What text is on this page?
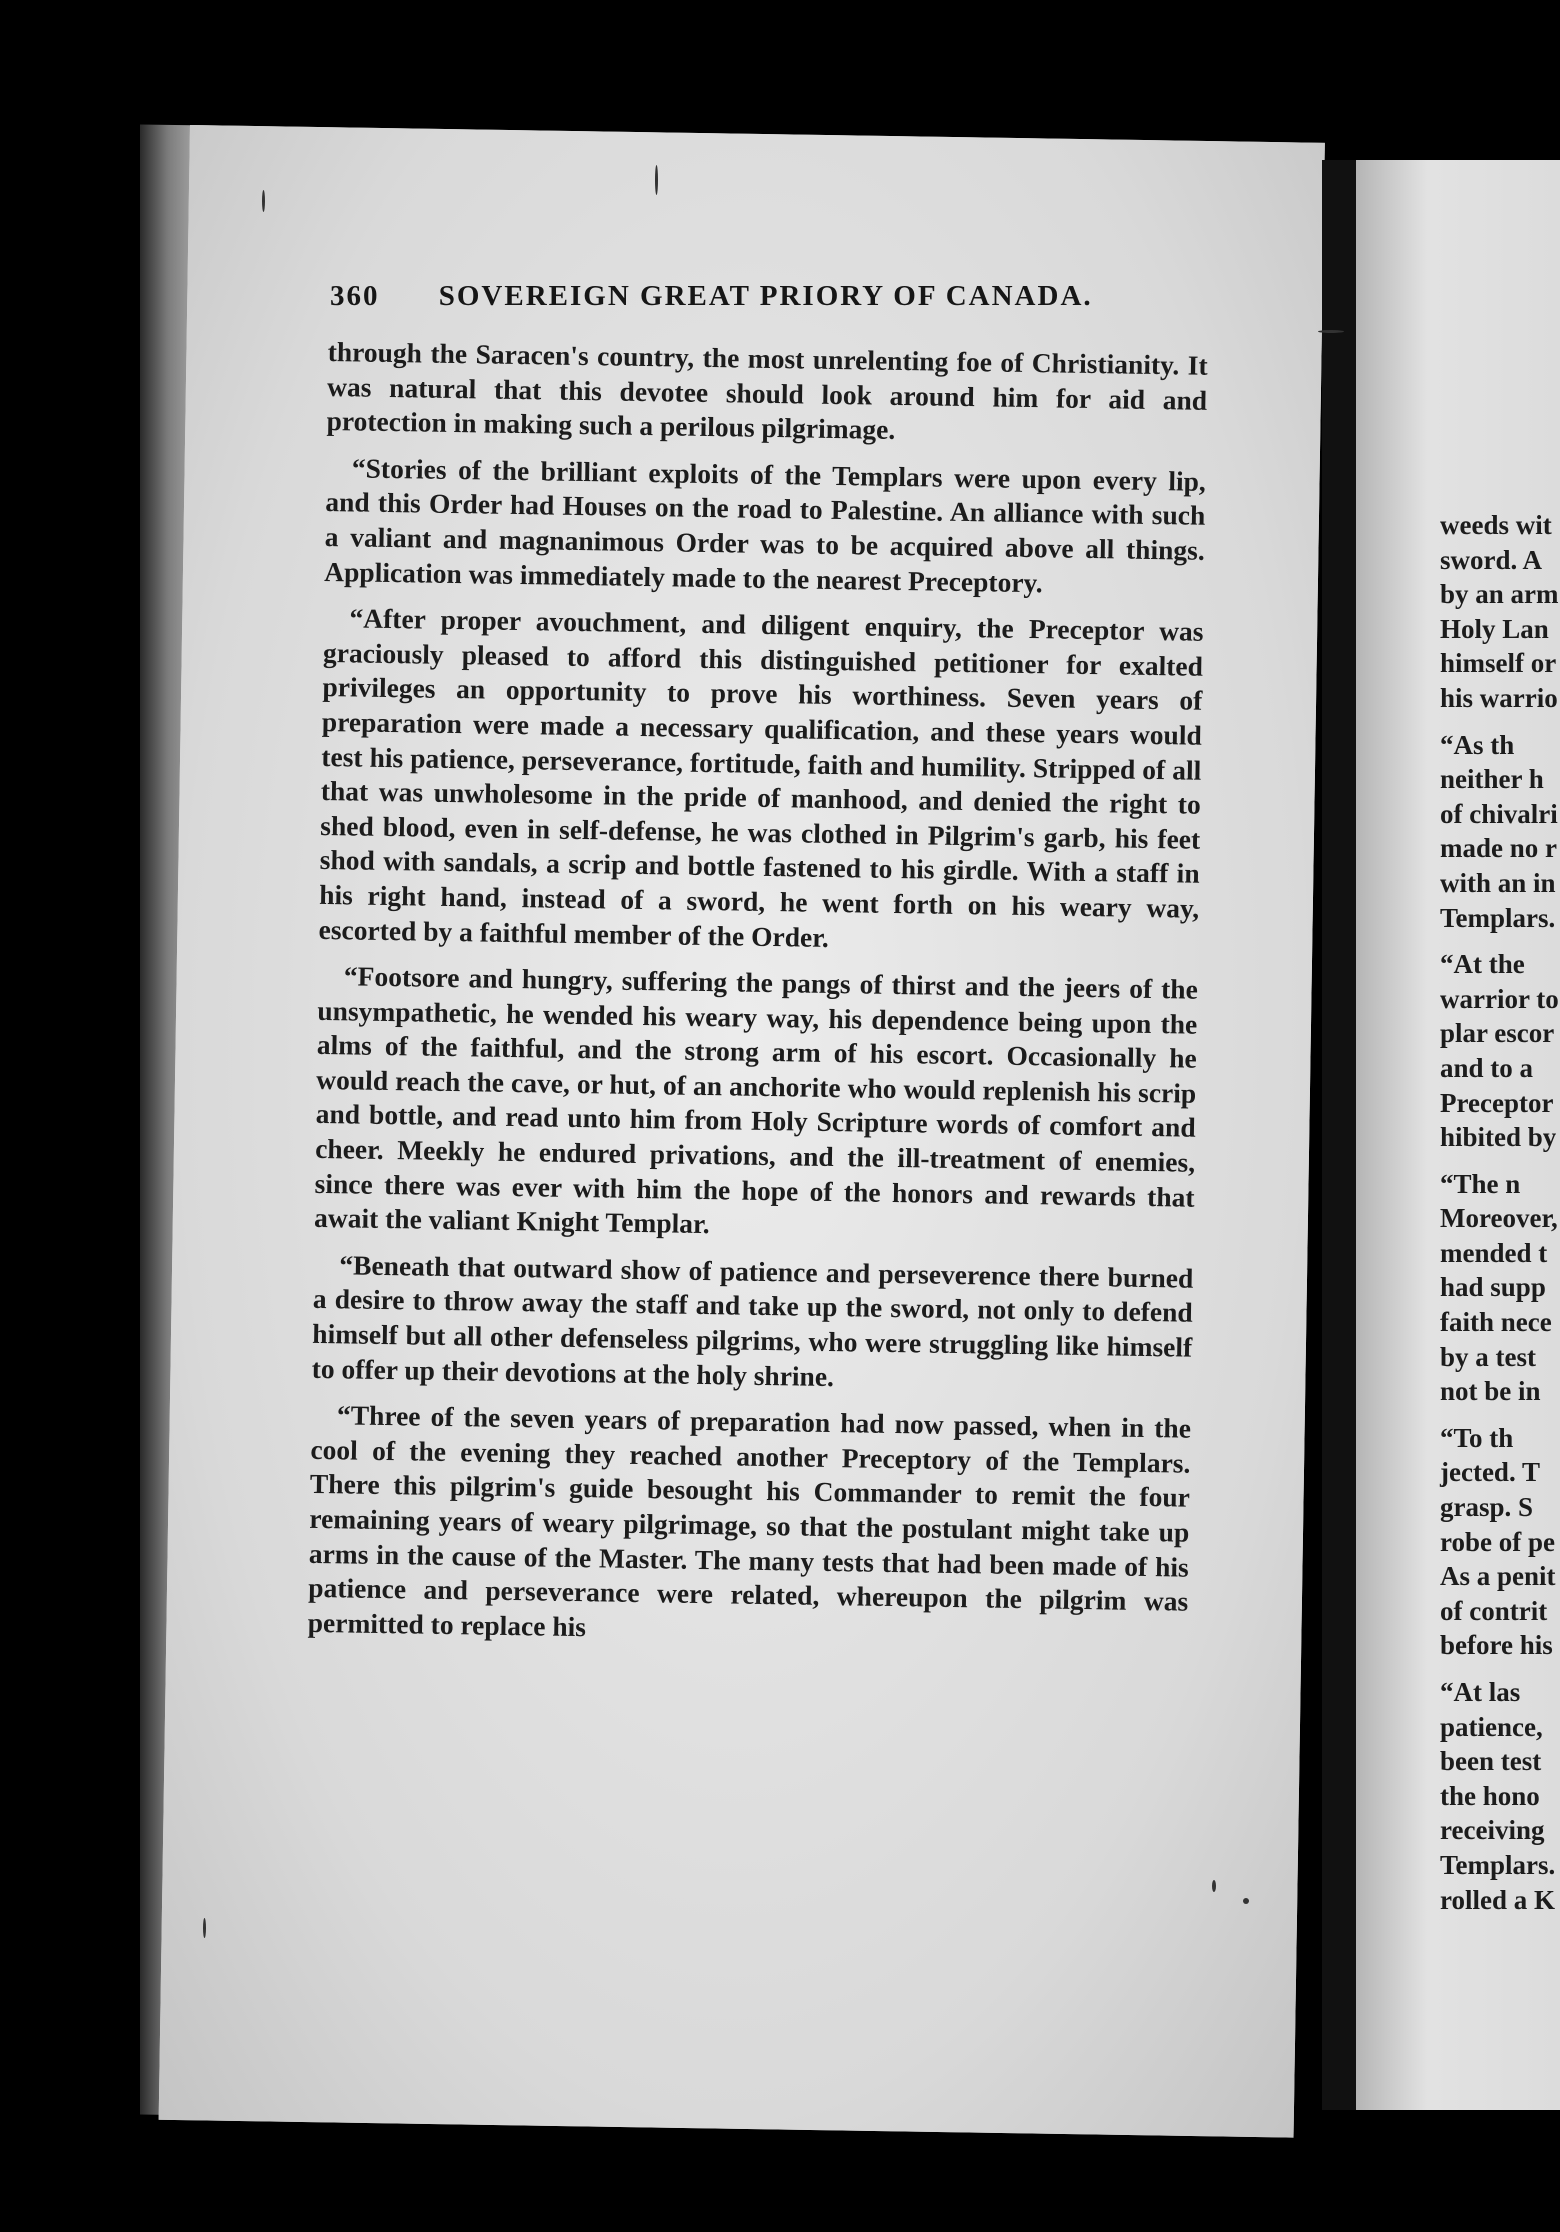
360 SOVEREIGN GREAT PRIORY OF CANADA.

through the Saracen's country, the most unrelenting foe of Christianity. It was natural that this devotee should look around him for aid and protection in making such a perilous pilgrimage.

“Stories of the brilliant exploits of the Templars were upon every lip, and this Order had Houses on the road to Palestine. An alliance with such a valiant and magnanimous Order was to be acquired above all things. Application was immediately made to the nearest Preceptory.

“After proper avouchment, and diligent enquiry, the Preceptor was graciously pleased to afford this distinguished petitioner for exalted privileges an opportunity to prove his worthiness. Seven years of preparation were made a necessary qualification, and these years would test his patience, perseverance, fortitude, faith and humility. Stripped of all that was unwholesome in the pride of manhood, and denied the right to shed blood, even in self-defense, he was clothed in Pilgrim's garb, his feet shod with sandals, a scrip and bottle fastened to his girdle. With a staff in his right hand, instead of a sword, he went forth on his weary way, escorted by a faithful member of the Order.

“Footsore and hungry, suffering the pangs of thirst and the jeers of the unsympathetic, he wended his weary way, his dependence being upon the alms of the faithful, and the strong arm of his escort. Occasionally he would reach the cave, or hut, of an anchorite who would replenish his scrip and bottle, and read unto him from Holy Scripture words of comfort and cheer. Meekly he endured privations, and the ill-treatment of enemies, since there was ever with him the hope of the honors and rewards that await the valiant Knight Templar.

“Beneath that outward show of patience and perseverence there burned a desire to throw away the staff and take up the sword, not only to defend himself but all other defenseless pilgrims, who were struggling like himself to offer up their devotions at the holy shrine.

“Three of the seven years of preparation had now passed, when in the cool of the evening they reached another Preceptory of the Templars. There this pilgrim's guide besought his Commander to remit the four remaining years of weary pilgrimage, so that the postulant might take up arms in the cause of the Master. The many tests that had been made of his patience and perseverance were related, whereupon the pilgrim was permitted to replace his

weeds wit
sword. A
by an arm
Holy Lan
himself or
his warrio
“As th
neither h
of chivalri
made no r
with an in
Templars.
“At the
warrior to
plar escor
and to a
Preceptor
hibited by
“The n
Moreover,
mended t
had supp
faith nece
by a test
not be in
“To th
jected. T
grasp. S
robe of pe
As a penit
of contrit
before his
“At las
patience,
been test
the hono
receiving
Templars.
rolled a K
